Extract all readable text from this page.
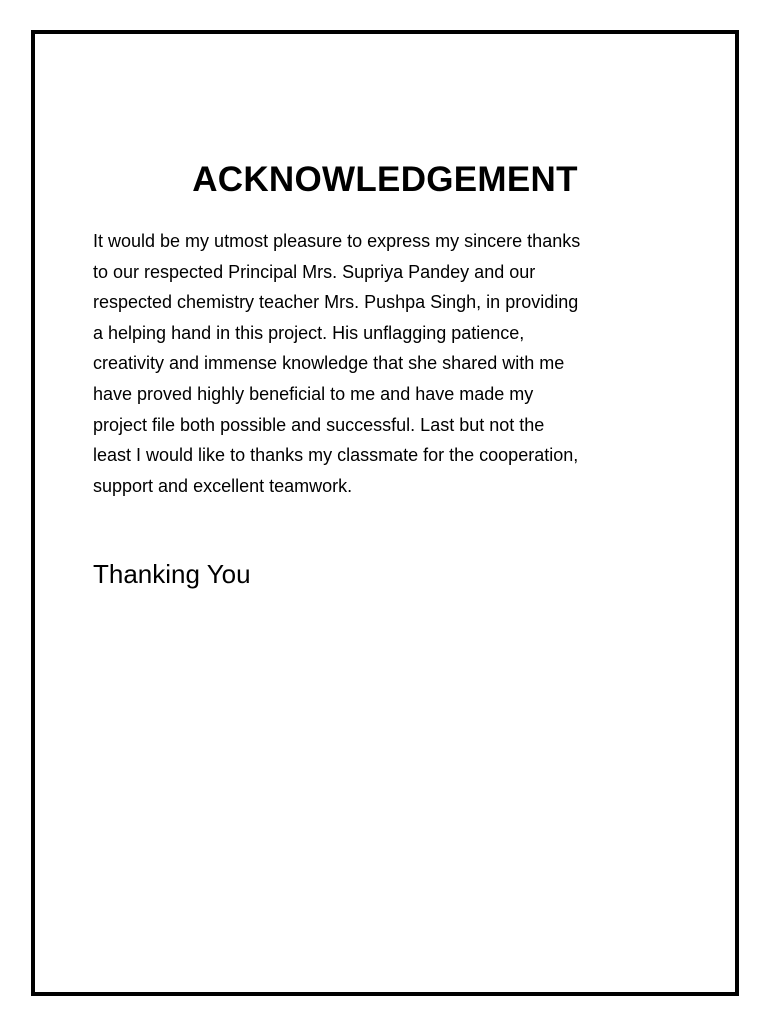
ACKNOWLEDGEMENT

It would be my utmost pleasure to express my sincere thanks
to our respected Principal Mrs. Supriya Pandey and our
respected chemistry teacher Mrs. Pushpa Singh, in providing
a helping hand in this project. His unflagging patience,
creativity and immense knowledge that she shared with me
have proved highly beneficial to me and have made my
project file both possible and successful. Last but not the
least I would like to thanks my classmate for the cooperation,
support and excellent teamwork.

Thanking You
